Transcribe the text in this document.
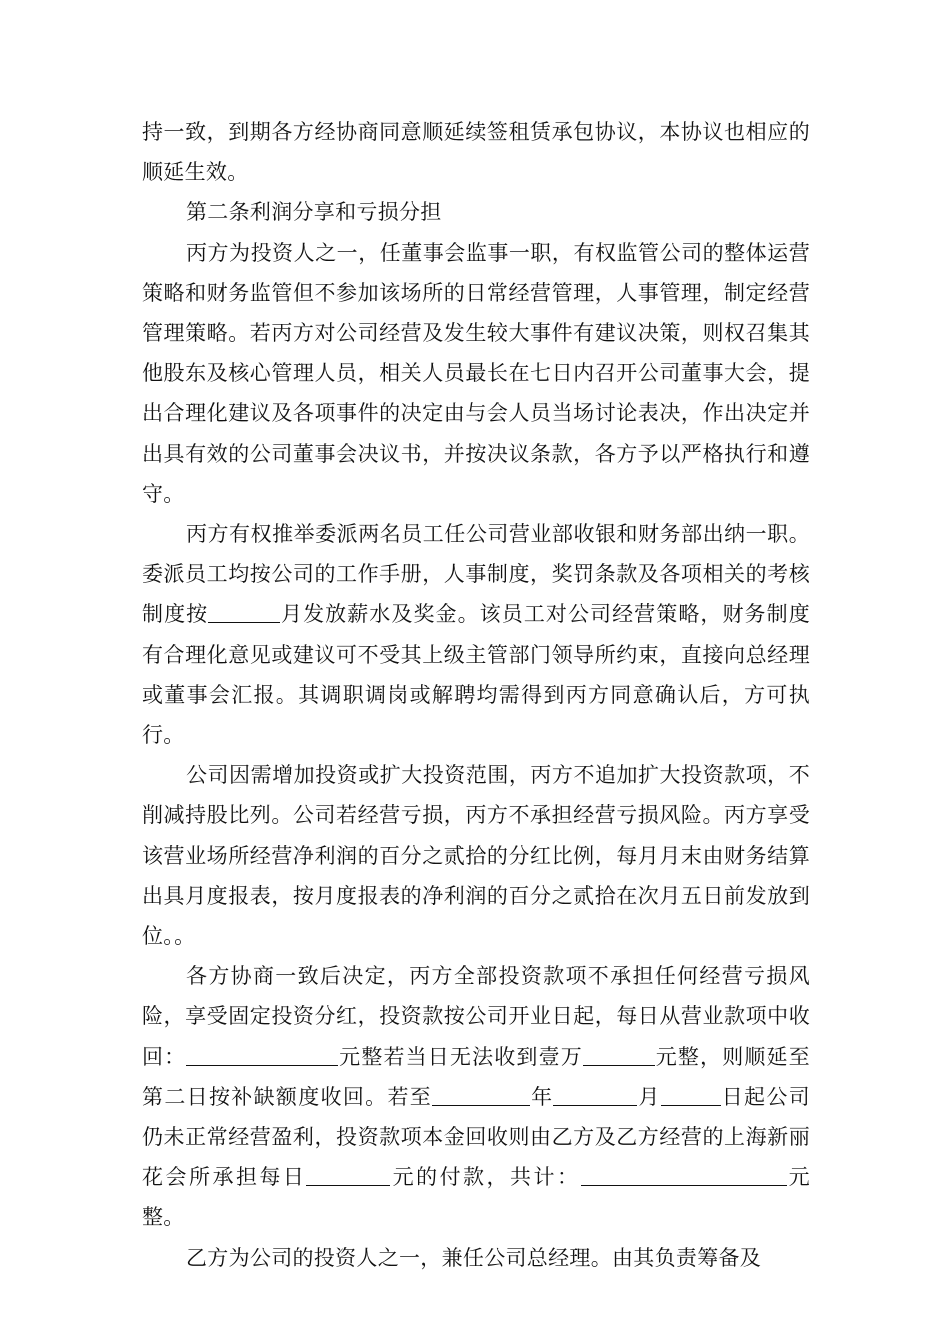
持一致，到期各方经协商同意顺延续签租赁承包协议，本协议也相应的顺延生效。

第二条利润分享和亏损分担

丙方为投资人之一，任董事会监事一职，有权监管公司的整体运营策略和财务监管但不参加该场所的日常经营管理，人事管理，制定经营管理策略。若丙方对公司经营及发生较大事件有建议决策，则权召集其他股东及核心管理人员，相关人员最长在七日内召开公司董事大会，提出合理化建议及各项事件的决定由与会人员当场讨论表决，作出决定并出具有效的公司董事会决议书，并按决议条款，各方予以严格执行和遵守。

丙方有权推举委派两名员工任公司营业部收银和财务部出纳一职。委派员工均按公司的工作手册，人事制度，奖罚条款及各项相关的考核制度按	月发放薪水及奖金。该员工对公司经营策略，财务制度有合理化意见或建议可不受其上级主管部门领导所约束，直接向总经理或董事会汇报。其调职调岗或解聘均需得到丙方同意确认后，方可执行。

公司因需增加投资或扩大投资范围，丙方不追加扩大投资款项，不削减持股比列。公司若经营亏损，丙方不承担经营亏损风险。丙方享受该营业场所经营净利润的百分之贰拾的分红比例，每月月末由财务结算出具月度报表，按月度报表的净利润的百分之贰拾在次月五日前发放到位。。

各方协商一致后决定，丙方全部投资款项不承担任何经营亏损风险，享受固定投资分红，投资款按公司开业日起，每日从营业款项中收回：	元整若当日无法收到壹万	元整，则顺延至第二日按补缺额度收回。若至	年	月	日起公司仍未正常经营盈利，投资款项本金回收则由乙方及乙方经营的上海新丽花会所承担每日	元的付款，共计：	元整。

乙方为公司的投资人之一，兼任公司总经理。由其负责筹备及
